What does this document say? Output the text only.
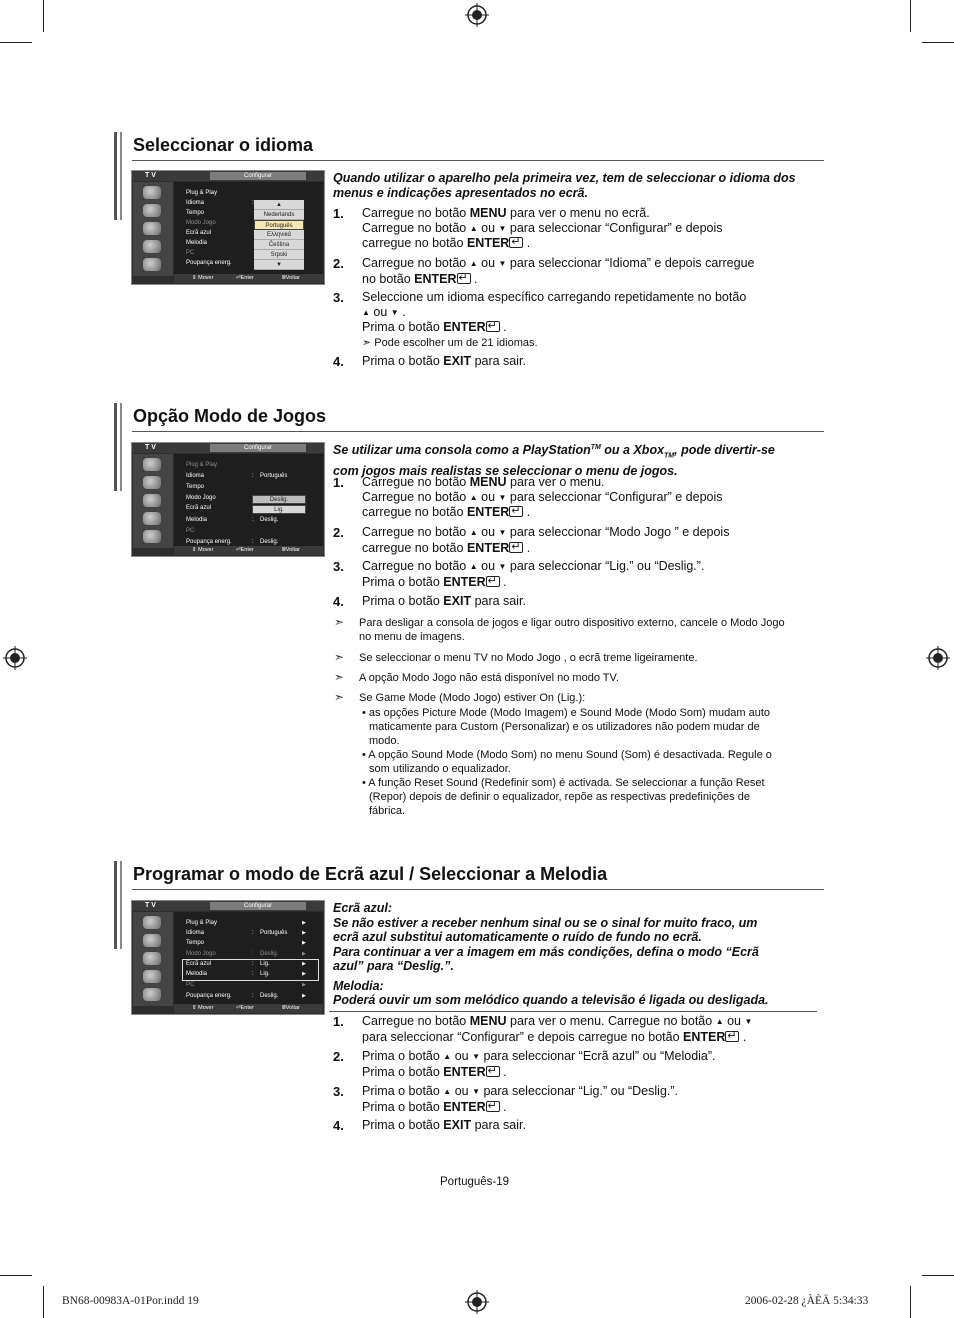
Seleccionar o idioma
T V	Configurar
Plug & Play
Idioma	:
Tempo
Modo Jogo
Ecrã azul
Melodia
PC
Poupança energ.
▲
Nederlands
Português
Ελληνικά
Čeština
Srpski
▼
⇕ Mover	⏎Enter	ⅢVoltar
Quando utilizar o aparelho pela primeira vez, tem de seleccionar o idioma dos menus e indicações apresentados no ecrã.
1. Carregue no botão MENU para ver o menu no ecrã.
Carregue no botão ▲ ou ▼ para seleccionar “Configurar” e depois
carregue no botão ENTER↵ .
2. Carregue no botão ▲ ou ▼ para seleccionar “Idioma” e depois carregue
no botão ENTER↵ .
3. Seleccione um idioma específico carregando repetidamente no botão
▲ ou ▼ .
Prima o botão ENTER↵ .
➣ Pode escolher um de 21 idiomas.
4. Prima o botão EXIT para sair.
Opção Modo de Jogos
T V	Configurar
Plug & Play
Idioma	: Português
Tempo
Modo Jogo
Ecrã azul
Deslig.
Lig.
Melodia	: Deslig.
PC
Poupança energ.	: Deslig.
⇕ Mover	⏎Enter	ⅢVoltar
Se utilizar uma consola como a PlayStation™ ou a Xbox$_{TM}$, pode divertir-se
com jogos mais realistas se seleccionar o menu de jogos.
1. Carregue no botão MENU para ver o menu.
Carregue no botão ▲ ou ▼ para seleccionar “Configurar” e depois
carregue no botão ENTER↵ .
2. Carregue no botão ▲ ou ▼ para seleccionar “Modo Jogo ” e depois
carregue no botão ENTER↵ .
3. Carregue no botão ▲ ou ▼ para seleccionar “Lig.” ou “Deslig.”.
Prima o botão ENTER↵ .
4. Prima o botão EXIT para sair.
➣ Para desligar a consola de jogos e ligar outro dispositivo externo, cancele o Modo Jogo
no menu de imagens.
➣ Se seleccionar o menu TV no Modo Jogo , o ecrã treme ligeiramente.
➣ A opção Modo Jogo não está disponível no modo TV.
➣ Se Game Mode (Modo Jogo) estiver On (Lig.):
• as opções Picture Mode (Modo Imagem) e Sound Mode (Modo Som) mudam auto
maticamente para Custom (Personalizar) e os utilizadores não podem mudar de
modo.
• A opção Sound Mode (Modo Som) no menu Sound (Som) é desactivada. Regule o
som utilizando o equalizador.
• A função Reset Sound (Redefinir som) é activada. Se seleccionar a função Reset
(Repor) depois de definir o equalizador, repõe as respectivas predefinições de
fábrica.
Programar o modo de Ecrã azul / Seleccionar a Melodia
T V	Configurar
Plug & Play	▶
Idioma	: Português	▶
Tempo	▶
Modo Jogo	: Deslig.	▶
Ecrã azul	: Lig.	▶
Melodia	: Lig.	▶
PC	▶
Poupança energ.	: Deslig.	▶
⇕ Mover	⏎Enter	ⅢVoltar
Ecrã azul:
Se não estiver a receber nenhum sinal ou se o sinal for muito fraco, um
ecrã azul substitui automaticamente o ruído de fundo no ecrã.
Para continuar a ver a imagem em más condições, defina o modo “Ecrã
azul” para “Deslig.”.
Melodia:
Poderá ouvir um som melódico quando a televisão é ligada ou desligada.
1. Carregue no botão MENU para ver o menu. Carregue no botão ▲ ou ▼
para seleccionar “Configurar” e depois carregue no botão ENTER↵ .
2. Prima o botão ▲ ou ▼ para seleccionar “Ecrã azul” ou “Melodia”.
Prima o botão ENTER↵ .
3. Prima o botão ▲ ou ▼ para seleccionar “Lig.” ou “Deslig.”.
Prima o botão ENTER↵ .
4. Prima o botão EXIT para sair.
Português-19
BN68-00983A-01Por.indd 19	2006-02-28 ¿ÀÈÄ 5:34:33
